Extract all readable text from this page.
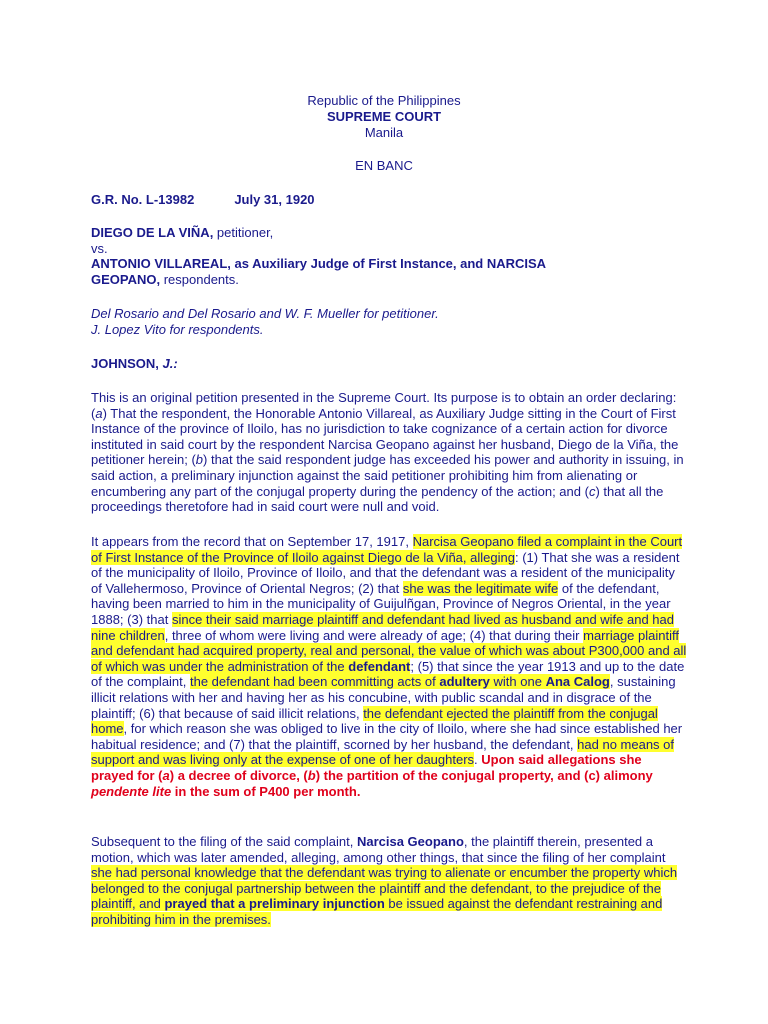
Republic of the Philippines
SUPREME COURT
Manila
EN BANC
G.R. No. L-13982	July 31, 1920
DIEGO DE LA VIÑA, petitioner,
vs.
ANTONIO VILLAREAL, as Auxiliary Judge of First Instance, and NARCISA
GEOPANO, respondents.
Del Rosario and Del Rosario and W. F. Mueller for petitioner.
J. Lopez Vito for respondents.
JOHNSON, J.:

This is an original petition presented in the Supreme Court. Its purpose is to obtain an order declaring: (a) That the respondent, the Honorable Antonio Villareal, as Auxiliary Judge sitting in the Court of First Instance of the province of Iloilo, has no jurisdiction to take cognizance of a certain action for divorce instituted in said court by the respondent Narcisa Geopano against her husband, Diego de la Viña, the petitioner herein; (b) that the said respondent judge has exceeded his power and authority in issuing, in said action, a preliminary injunction against the said petitioner prohibiting him from alienating or encumbering any part of the conjugal property during the pendency of the action; and (c) that all the proceedings theretofore had in said court were null and void.

It appears from the record that on September 17, 1917, Narcisa Geopano filed a complaint in the Court of First Instance of the Province of Iloilo against Diego de la Viña, alleging: (1) That she was a resident of the municipality of Iloilo, Province of Iloilo, and that the defendant was a resident of the municipality of Vallehermoso, Province of Oriental Negros; (2) that she was the legitimate wife of the defendant, having been married to him in the municipality of Guijulñgan, Province of Negros Oriental, in the year 1888; (3) that since their said marriage plaintiff and defendant had lived as husband and wife and had nine children, three of whom were living and were already of age; (4) that during their marriage plaintiff and defendant had acquired property, real and personal, the value of which was about P300,000 and all of which was under the administration of the defendant; (5) that since the year 1913 and up to the date of the complaint, the defendant had been committing acts of adultery with one Ana Calog, sustaining illicit relations with her and having her as his concubine, with public scandal and in disgrace of the plaintiff; (6) that because of said illicit relations, the defendant ejected the plaintiff from the conjugal home, for which reason she was obliged to live in the city of Iloilo, where she had since established her habitual residence; and (7) that the plaintiff, scorned by her husband, the defendant, had no means of support and was living only at the expense of one of her daughters. Upon said allegations she prayed for (a) a decree of divorce, (b) the partition of the conjugal property, and (c) alimony pendente lite in the sum of P400 per month.

Subsequent to the filing of the said complaint, Narcisa Geopano, the plaintiff therein, presented a motion, which was later amended, alleging, among other things, that since the filing of her complaint she had personal knowledge that the defendant was trying to alienate or encumber the property which belonged to the conjugal partnership between the plaintiff and the defendant, to the prejudice of the plaintiff, and prayed that a preliminary injunction be issued against the defendant restraining and prohibiting him in the premises.
